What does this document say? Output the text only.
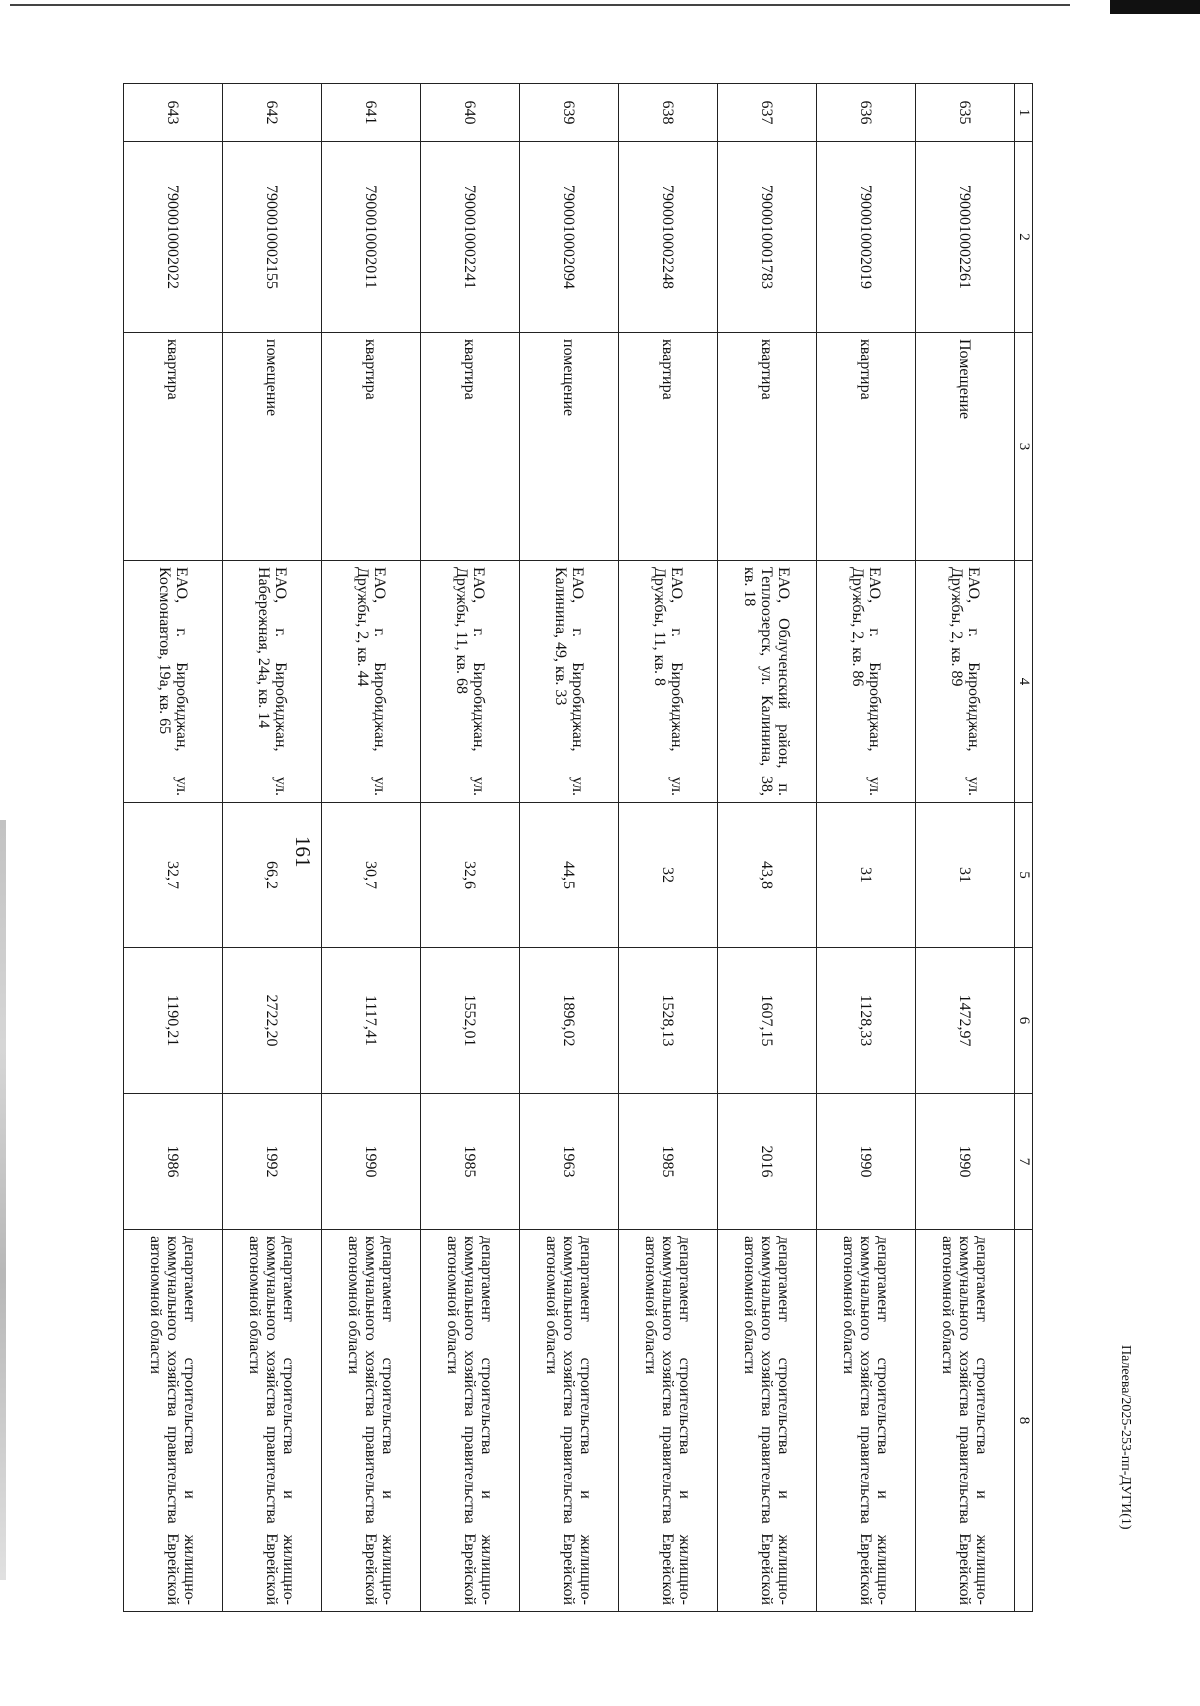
161
1	2	3	4	5	6	7	8
635	7900010002261	Помещение	ЕАО, г. Биробиджан, ул. Дружбы, 2, кв. 89	31	1472,97	1990	департамент строительства и жилищно-коммунального хозяйства правительства Еврейской автономной области
636	7900010002019	квартира	ЕАО, г. Биробиджан, ул. Дружбы, 2, кв. 86	31	1128,33	1990	департамент строительства и жилищно-коммунального хозяйства правительства Еврейской автономной области
637	7900010001783	квартира	ЕАО, Облученский район, п. Теплоозерск, ул. Калинина, 38, кв. 18	43,8	1607,15	2016	департамент строительства и жилищно-коммунального хозяйства правительства Еврейской автономной области
638	7900010002248	квартира	ЕАО, г. Биробиджан, ул. Дружбы, 11, кв. 8	32	1528,13	1985	департамент строительства и жилищно-коммунального хозяйства правительства Еврейской автономной области
639	7900010002094	помещение	ЕАО, г. Биробиджан, ул. Калинина, 49, кв. 33	44,5	1896,02	1963	департамент строительства и жилищно-коммунального хозяйства правительства Еврейской автономной области
640	7900010002241	квартира	ЕАО, г. Биробиджан, ул. Дружбы, 11, кв. 68	32,6	1552,01	1985	департамент строительства и жилищно-коммунального хозяйства правительства Еврейской автономной области
641	7900010002011	квартира	ЕАО, г. Биробиджан, ул. Дружбы, 2, кв. 44	30,7	1117,41	1990	департамент строительства и жилищно-коммунального хозяйства правительства Еврейской автономной области
642	7900010002155	помещение	ЕАО, г. Биробиджан, ул. Набережная, 24а, кв. 14	66,2	2722,20	1992	департамент строительства и жилищно-коммунального хозяйства правительства Еврейской автономной области
643	7900010002022	квартира	ЕАО, г. Биробиджан, ул. Космонавтов, 19а, кв. 65	32,7	1190,21	1986	департамент строительства и жилищно-коммунального хозяйства правительства Еврейской автономной области
Палеева/2025-253-пп-ДУГИ(1)
